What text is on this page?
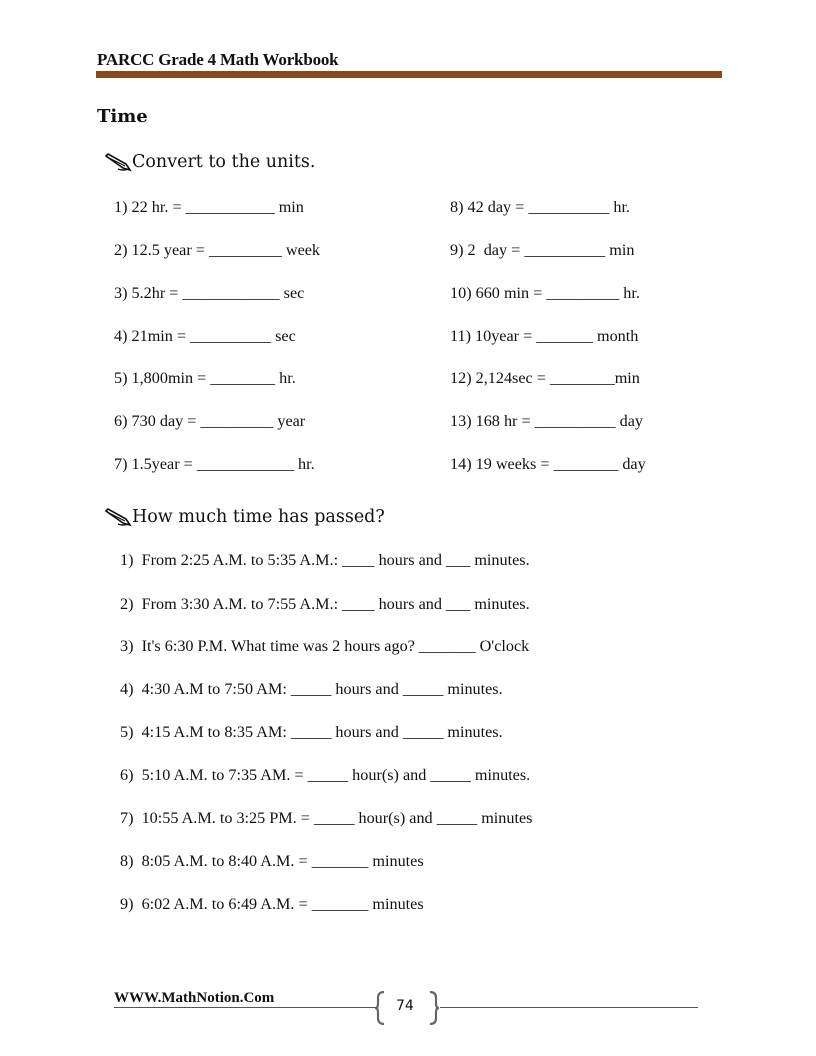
PARCC Grade 4 Math Workbook
Time
Convert to the units.
1) 22 hr. = ___________ min
2) 12.5 year = _________ week
3) 5.2hr = ____________ sec
4) 21min = __________ sec
5) 1,800min = ________ hr.
6) 730 day = _________ year
7) 1.5year = ____________ hr.
8) 42 day = __________ hr.
9) 2  day = __________ min
10) 660 min = _________ hr.
11) 10year = _______ month
12) 2,124sec = ________min
13) 168 hr = __________ day
14) 19 weeks = ________ day
How much time has passed?
1)  From 2:25 A.M. to 5:35 A.M.: ____ hours and ___ minutes.
2)  From 3:30 A.M. to 7:55 A.M.: ____ hours and ___ minutes.
3)  It's 6:30 P.M. What time was 2 hours ago? _______ O'clock
4)  4:30 A.M to 7:50 AM: _____ hours and _____ minutes.
5)  4:15 A.M to 8:35 AM: _____ hours and _____ minutes.
6)  5:10 A.M. to 7:35 AM. = _____ hour(s) and _____ minutes.
7)  10:55 A.M. to 3:25 PM. = _____ hour(s) and _____ minutes
8)  8:05 A.M. to 8:40 A.M. = _______ minutes
9)  6:02 A.M. to 6:49 A.M. = _______ minutes
WWW.MathNotion.Com	74
